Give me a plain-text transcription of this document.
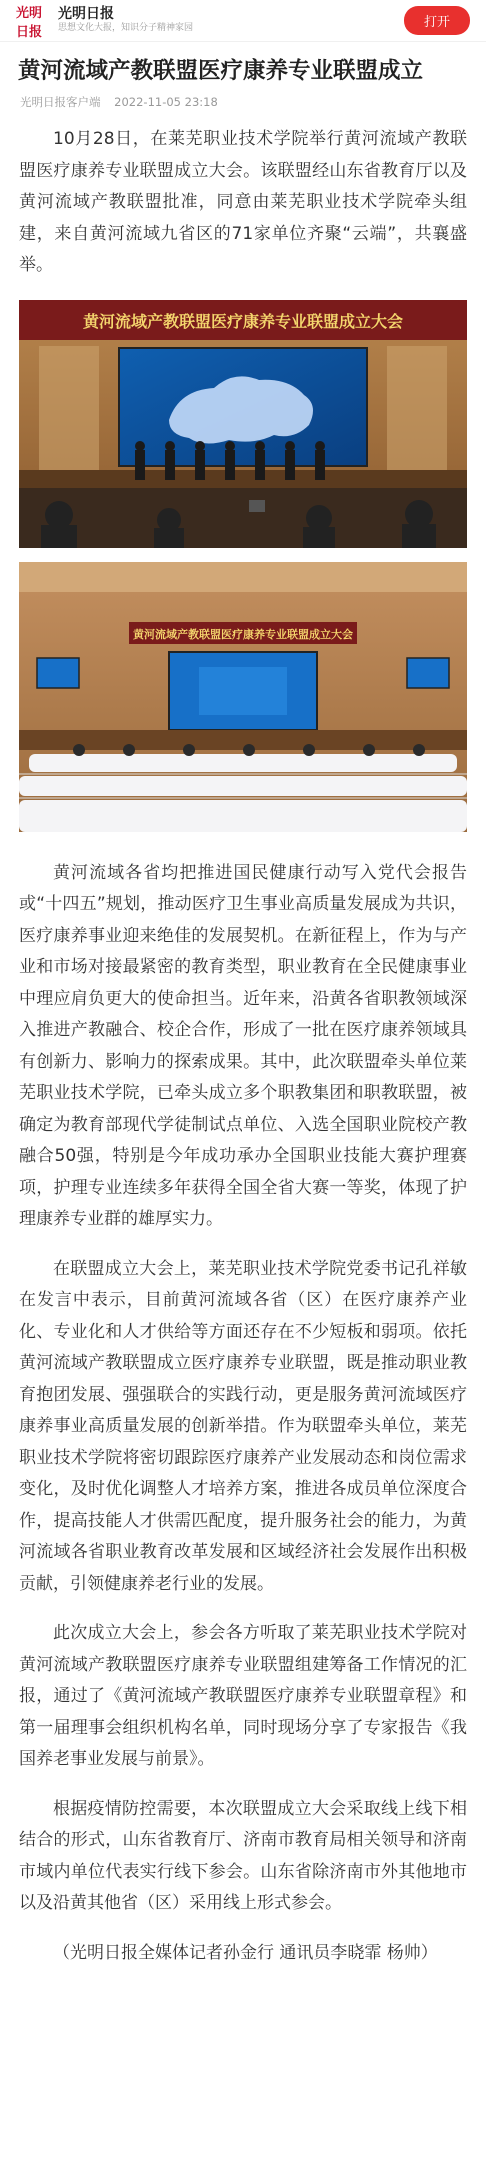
光明日报
光明日报
思想文化大报，知识分子精神家园	打开
黄河流域产教联盟医疗康养专业联盟成立
光明日报客户端 2022-11-05 23:18

10月28日，在莱芜职业技术学院举行黄河流域产教联盟医疗康养专业联盟成立大会。该联盟经山东省教育厅以及黄河流域产教联盟批准，同意由莱芜职业技术学院牵头组建，来自黄河流域九省区的71家单位齐聚“云端”，共襄盛举。

黄河流域产教联盟医疗康养专业联盟成立大会
黄河流域产教联盟医疗康养专业联盟成立大会

黄河流域各省均把推进国民健康行动写入党代会报告或“十四五”规划，推动医疗卫生事业高质量发展成为共识，医疗康养事业迎来绝佳的发展契机。在新征程上，作为与产业和市场对接最紧密的教育类型，职业教育在全民健康事业中理应肩负更大的使命担当。近年来，沿黄各省职教领域深入推进产教融合、校企合作，形成了一批在医疗康养领域具有创新力、影响力的探索成果。其中，此次联盟牵头单位莱芜职业技术学院，已牵头成立多个职教集团和职教联盟，被确定为教育部现代学徒制试点单位、入选全国职业院校产教融合50强，特别是今年成功承办全国职业技能大赛护理赛项，护理专业连续多年获得全国全省大赛一等奖，体现了护理康养专业群的雄厚实力。

在联盟成立大会上，莱芜职业技术学院党委书记孔祥敏在发言中表示，目前黄河流域各省（区）在医疗康养产业化、专业化和人才供给等方面还存在不少短板和弱项。依托黄河流域产教联盟成立医疗康养专业联盟，既是推动职业教育抱团发展、强强联合的实践行动，更是服务黄河流域医疗康养事业高质量发展的创新举措。作为联盟牵头单位，莱芜职业技术学院将密切跟踪医疗康养产业发展动态和岗位需求变化，及时优化调整人才培养方案，推进各成员单位深度合作，提高技能人才供需匹配度，提升服务社会的能力，为黄河流域各省职业教育改革发展和区域经济社会发展作出积极贡献，引领健康养老行业的发展。

此次成立大会上，参会各方听取了莱芜职业技术学院对黄河流域产教联盟医疗康养专业联盟组建筹备工作情况的汇报，通过了《黄河流域产教联盟医疗康养专业联盟章程》和第一届理事会组织机构名单，同时现场分享了专家报告《我国养老事业发展与前景》。

根据疫情防控需要，本次联盟成立大会采取线上线下相结合的形式，山东省教育厅、济南市教育局相关领导和济南市域内单位代表实行线下参会。山东省除济南市外其他地市以及沿黄其他省（区）采用线上形式参会。

（光明日报全媒体记者孙金行 通讯员李晓霏 杨帅）
